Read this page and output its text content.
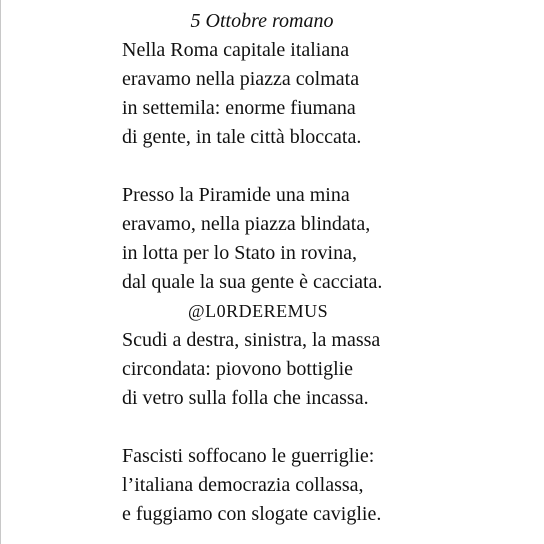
5 Ottobre romano
Nella Roma capitale italiana
eravamo nella piazza colmata
in settemila: enorme fiumana
di gente, in tale città bloccata.
Presso la Piramide una mina
eravamo, nella piazza blindata,
in lotta per lo Stato in rovina,
dal quale la sua gente è cacciata.
@L0RDEREMUS
Scudi a destra, sinistra, la massa
circondata: piovono bottiglie
di vetro sulla folla che incassa.
Fascisti soffocano le guerriglie:
l’italiana democrazia collassa,
e fuggiamo con slogate caviglie.
